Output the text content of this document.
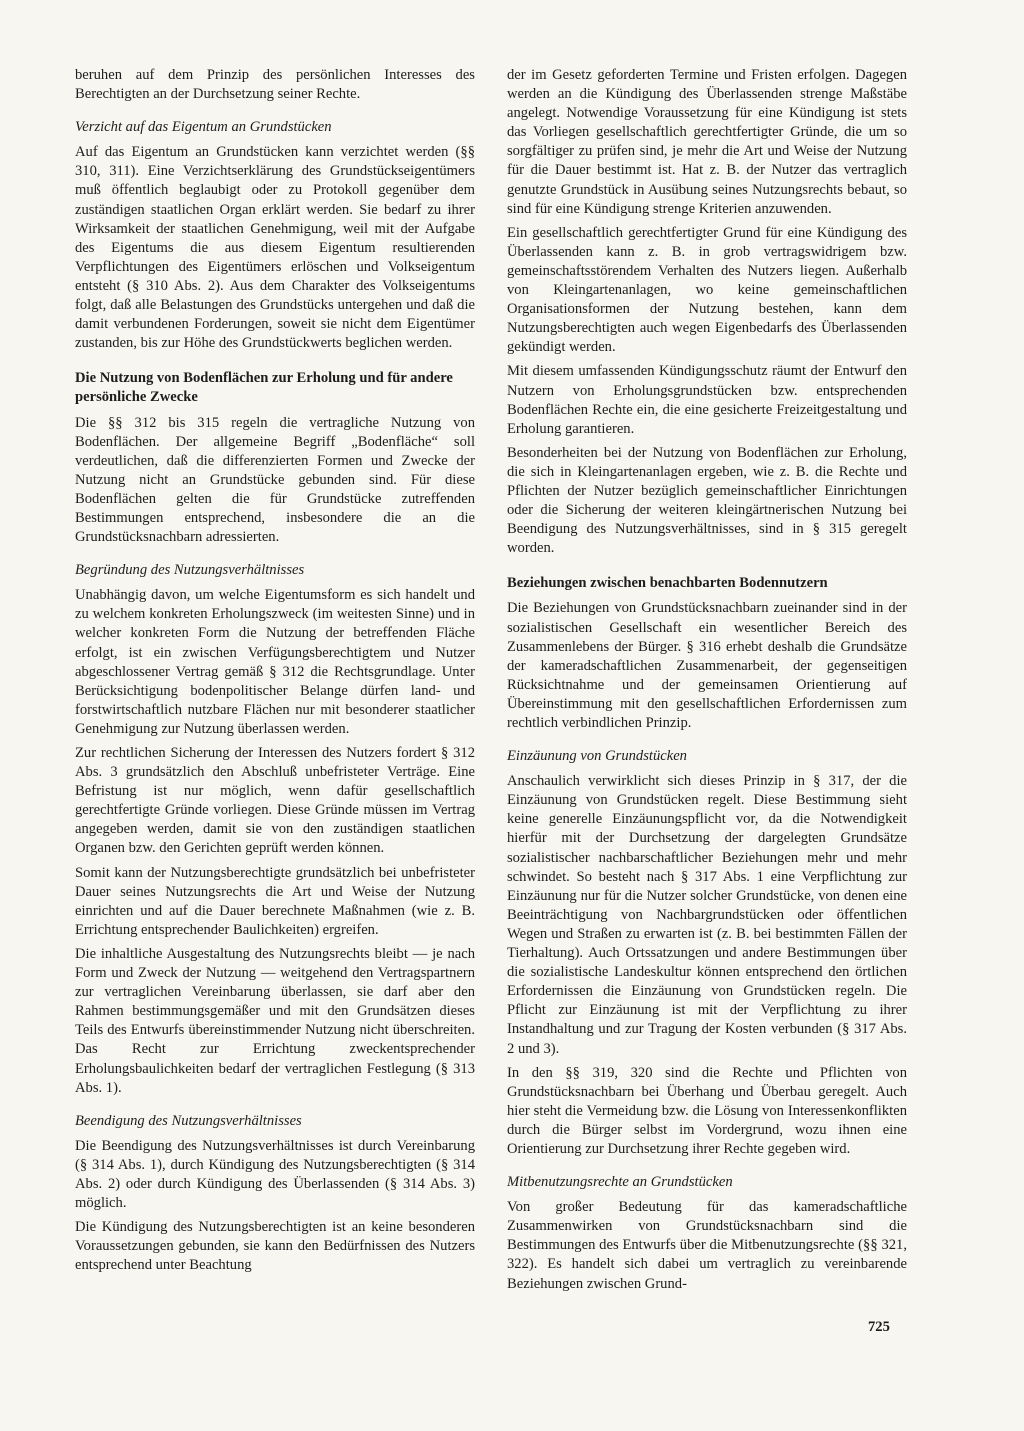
beruhen auf dem Prinzip des persönlichen Interesses des Berechtigten an der Durchsetzung seiner Rechte.

Verzicht auf das Eigentum an Grundstücken

Auf das Eigentum an Grundstücken kann verzichtet werden (§§ 310, 311). Eine Verzichtserklärung des Grundstückseigentümers muß öffentlich beglaubigt oder zu Protokoll gegenüber dem zuständigen staatlichen Organ erklärt werden. Sie bedarf zu ihrer Wirksamkeit der staatlichen Genehmigung, weil mit der Aufgabe des Eigentums die aus diesem Eigentum resultierenden Verpflichtungen des Eigentümers erlöschen und Volkseigentum entsteht (§ 310 Abs. 2). Aus dem Charakter des Volkseigentums folgt, daß alle Belastungen des Grundstücks untergehen und daß die damit verbundenen Forderungen, soweit sie nicht dem Eigentümer zustanden, bis zur Höhe des Grundstückwerts beglichen werden.

Die Nutzung von Bodenflächen zur Erholung und für andere persönliche Zwecke

Die §§ 312 bis 315 regeln die vertragliche Nutzung von Bodenflächen. Der allgemeine Begriff „Bodenfläche“ soll verdeutlichen, daß die differenzierten Formen und Zwecke der Nutzung nicht an Grundstücke gebunden sind. Für diese Bodenflächen gelten die für Grundstücke zutreffenden Bestimmungen entsprechend, insbesondere die an die Grundstücksnachbarn adressierten.

Begründung des Nutzungsverhältnisses

Unabhängig davon, um welche Eigentumsform es sich handelt und zu welchem konkreten Erholungszweck (im weitesten Sinne) und in welcher konkreten Form die Nutzung der betreffenden Fläche erfolgt, ist ein zwischen Verfügungsberechtigtem und Nutzer abgeschlossener Vertrag gemäß § 312 die Rechtsgrundlage. Unter Berücksichtigung bodenpolitischer Belange dürfen land- und forstwirtschaftlich nutzbare Flächen nur mit besonderer staatlicher Genehmigung zur Nutzung überlassen werden.

Zur rechtlichen Sicherung der Interessen des Nutzers fordert § 312 Abs. 3 grundsätzlich den Abschluß unbefristeter Verträge. Eine Befristung ist nur möglich, wenn dafür gesellschaftlich gerechtfertigte Gründe vorliegen. Diese Gründe müssen im Vertrag angegeben werden, damit sie von den zuständigen staatlichen Organen bzw. den Gerichten geprüft werden können.

Somit kann der Nutzungsberechtigte grundsätzlich bei unbefristeter Dauer seines Nutzungsrechts die Art und Weise der Nutzung einrichten und auf die Dauer berechnete Maßnahmen (wie z. B. Errichtung entsprechender Baulichkeiten) ergreifen.

Die inhaltliche Ausgestaltung des Nutzungsrechts bleibt — je nach Form und Zweck der Nutzung — weitgehend den Vertragspartnern zur vertraglichen Vereinbarung überlassen, sie darf aber den Rahmen bestimmungsgemäßer und mit den Grundsätzen dieses Teils des Entwurfs übereinstimmender Nutzung nicht überschreiten. Das Recht zur Errichtung zweckentsprechender Erholungsbaulichkeiten bedarf der vertraglichen Festlegung (§ 313 Abs. 1).

Beendigung des Nutzungsverhältnisses

Die Beendigung des Nutzungsverhältnisses ist durch Vereinbarung (§ 314 Abs. 1), durch Kündigung des Nutzungsberechtigten (§ 314 Abs. 2) oder durch Kündigung des Überlassenden (§ 314 Abs. 3) möglich.

Die Kündigung des Nutzungsberechtigten ist an keine besonderen Voraussetzungen gebunden, sie kann den Bedürfnissen des Nutzers entsprechend unter Beachtung

der im Gesetz geforderten Termine und Fristen erfolgen. Dagegen werden an die Kündigung des Überlassenden strenge Maßstäbe angelegt. Notwendige Voraussetzung für eine Kündigung ist stets das Vorliegen gesellschaftlich gerechtfertigter Gründe, die um so sorgfältiger zu prüfen sind, je mehr die Art und Weise der Nutzung für die Dauer bestimmt ist. Hat z. B. der Nutzer das vertraglich genutzte Grundstück in Ausübung seines Nutzungsrechts bebaut, so sind für eine Kündigung strenge Kriterien anzuwenden.

Ein gesellschaftlich gerechtfertigter Grund für eine Kündigung des Überlassenden kann z. B. in grob vertragswidrigem bzw. gemeinschaftsstörendem Verhalten des Nutzers liegen. Außerhalb von Kleingartenanlagen, wo keine gemeinschaftlichen Organisationsformen der Nutzung bestehen, kann dem Nutzungsberechtigten auch wegen Eigenbedarfs des Überlassenden gekündigt werden.

Mit diesem umfassenden Kündigungsschutz räumt der Entwurf den Nutzern von Erholungsgrundstücken bzw. entsprechenden Bodenflächen Rechte ein, die eine gesicherte Freizeitgestaltung und Erholung garantieren.

Besonderheiten bei der Nutzung von Bodenflächen zur Erholung, die sich in Kleingartenanlagen ergeben, wie z. B. die Rechte und Pflichten der Nutzer bezüglich gemeinschaftlicher Einrichtungen oder die Sicherung der weiteren kleingärtnerischen Nutzung bei Beendigung des Nutzungsverhältnisses, sind in § 315 geregelt worden.

Beziehungen zwischen benachbarten Bodennutzern

Die Beziehungen von Grundstücksnachbarn zueinander sind in der sozialistischen Gesellschaft ein wesentlicher Bereich des Zusammenlebens der Bürger. § 316 erhebt deshalb die Grundsätze der kameradschaftlichen Zusammenarbeit, der gegenseitigen Rücksichtnahme und der gemeinsamen Orientierung auf Übereinstimmung mit den gesellschaftlichen Erfordernissen zum rechtlich verbindlichen Prinzip.

Einzäunung von Grundstücken

Anschaulich verwirklicht sich dieses Prinzip in § 317, der die Einzäunung von Grundstücken regelt. Diese Bestimmung sieht keine generelle Einzäunungspflicht vor, da die Notwendigkeit hierfür mit der Durchsetzung der dargelegten Grundsätze sozialistischer nachbarschaftlicher Beziehungen mehr und mehr schwindet. So besteht nach § 317 Abs. 1 eine Verpflichtung zur Einzäunung nur für die Nutzer solcher Grundstücke, von denen eine Beeinträchtigung von Nachbargrundstücken oder öffentlichen Wegen und Straßen zu erwarten ist (z. B. bei bestimmten Fällen der Tierhaltung). Auch Ortssatzungen und andere Bestimmungen über die sozialistische Landeskultur können entsprechend den örtlichen Erfordernissen die Einzäunung von Grundstücken regeln. Die Pflicht zur Einzäunung ist mit der Verpflichtung zu ihrer Instandhaltung und zur Tragung der Kosten verbunden (§ 317 Abs. 2 und 3).

In den §§ 319, 320 sind die Rechte und Pflichten von Grundstücksnachbarn bei Überhang und Überbau geregelt. Auch hier steht die Vermeidung bzw. die Lösung von Interessenkonflikten durch die Bürger selbst im Vordergrund, wozu ihnen eine Orientierung zur Durchsetzung ihrer Rechte gegeben wird.

Mitbenutzungsrechte an Grundstücken

Von großer Bedeutung für das kameradschaftliche Zusammenwirken von Grundstücksnachbarn sind die Bestimmungen des Entwurfs über die Mitbenutzungsrechte (§§ 321, 322). Es handelt sich dabei um vertraglich zu vereinbarende Beziehungen zwischen Grund-

725
